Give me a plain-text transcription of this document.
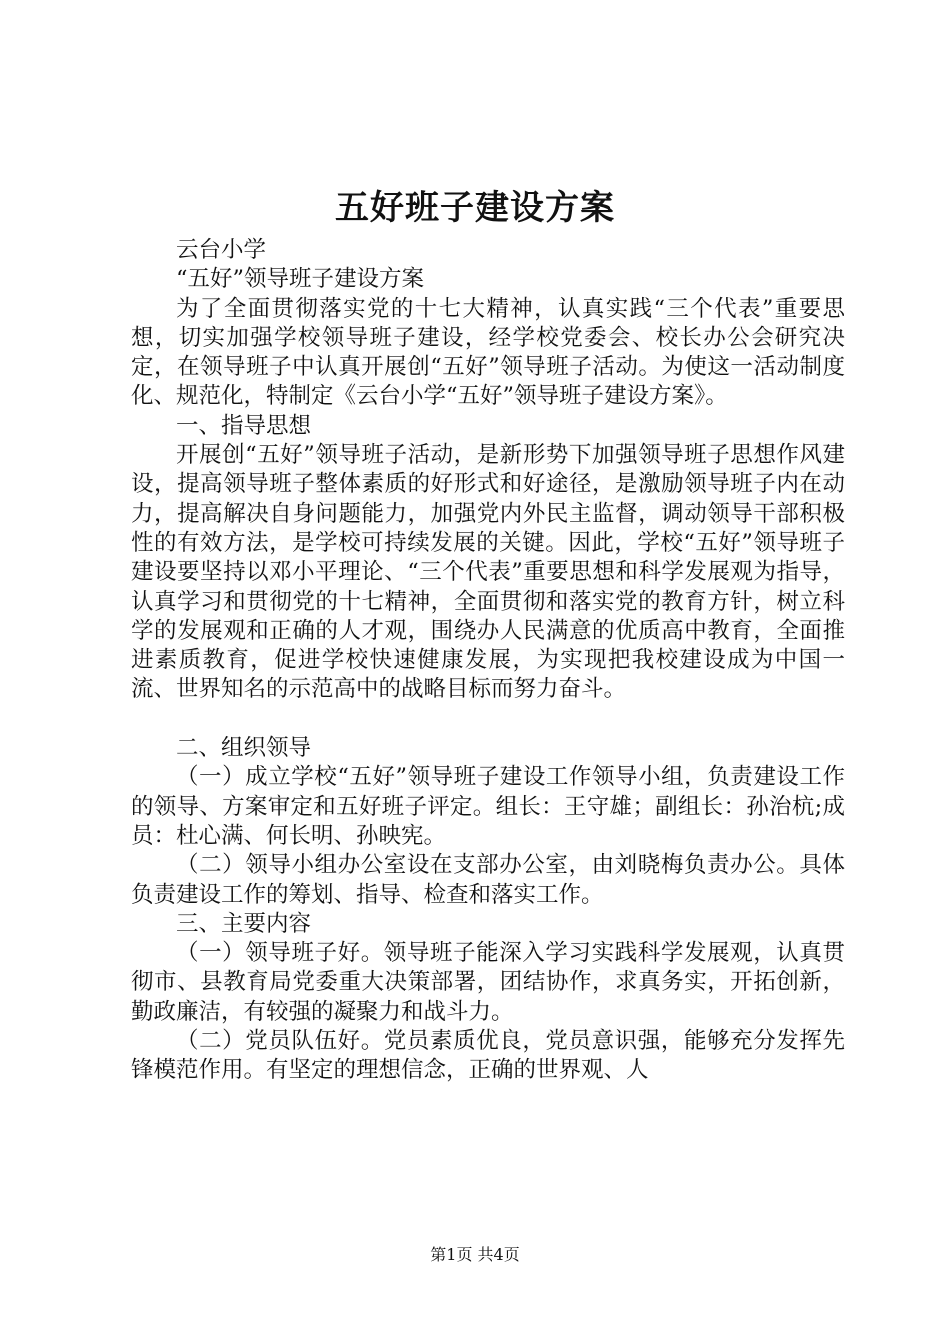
五好班子建设方案

云台小学

“五好”领导班子建设方案

为了全面贯彻落实党的十七大精神，认真实践“三个代表”重要思想，切实加强学校领导班子建设，经学校党委会、校长办公会研究决定，在领导班子中认真开展创“五好”领导班子活动。为使这一活动制度化、规范化，特制定《云台小学“五好”领导班子建设方案》。

一、指导思想

开展创“五好”领导班子活动，是新形势下加强领导班子思想作风建设，提高领导班子整体素质的好形式和好途径，是激励领导班子内在动力，提高解决自身问题能力，加强党内外民主监督，调动领导干部积极性的有效方法，是学校可持续发展的关键。因此，学校“五好”领导班子建设要坚持以邓小平理论、“三个代表”重要思想和科学发展观为指导，认真学习和贯彻党的十七精神，全面贯彻和落实党的教育方针，树立科学的发展观和正确的人才观，围绕办人民满意的优质高中教育，全面推进素质教育，促进学校快速健康发展，为实现把我校建设成为中国一流、世界知名的示范高中的战略目标而努力奋斗。

二、组织领导

（一）成立学校“五好”领导班子建设工作领导小组，负责建设工作的领导、方案审定和五好班子评定。组长：王守雄；副组长：孙治杭;成员：杜心满、何长明、孙映宪。

（二）领导小组办公室设在支部办公室，由刘晓梅负责办公。具体负责建设工作的筹划、指导、检查和落实工作。

三、主要内容

（一）领导班子好。领导班子能深入学习实践科学发展观，认真贯彻市、县教育局党委重大决策部署，团结协作，求真务实，开拓创新，勤政廉洁，有较强的凝聚力和战斗力。

（二）党员队伍好。党员素质优良，党员意识强，能够充分发挥先锋模范作用。有坚定的理想信念，正确的世界观、人

第1页 共4页
